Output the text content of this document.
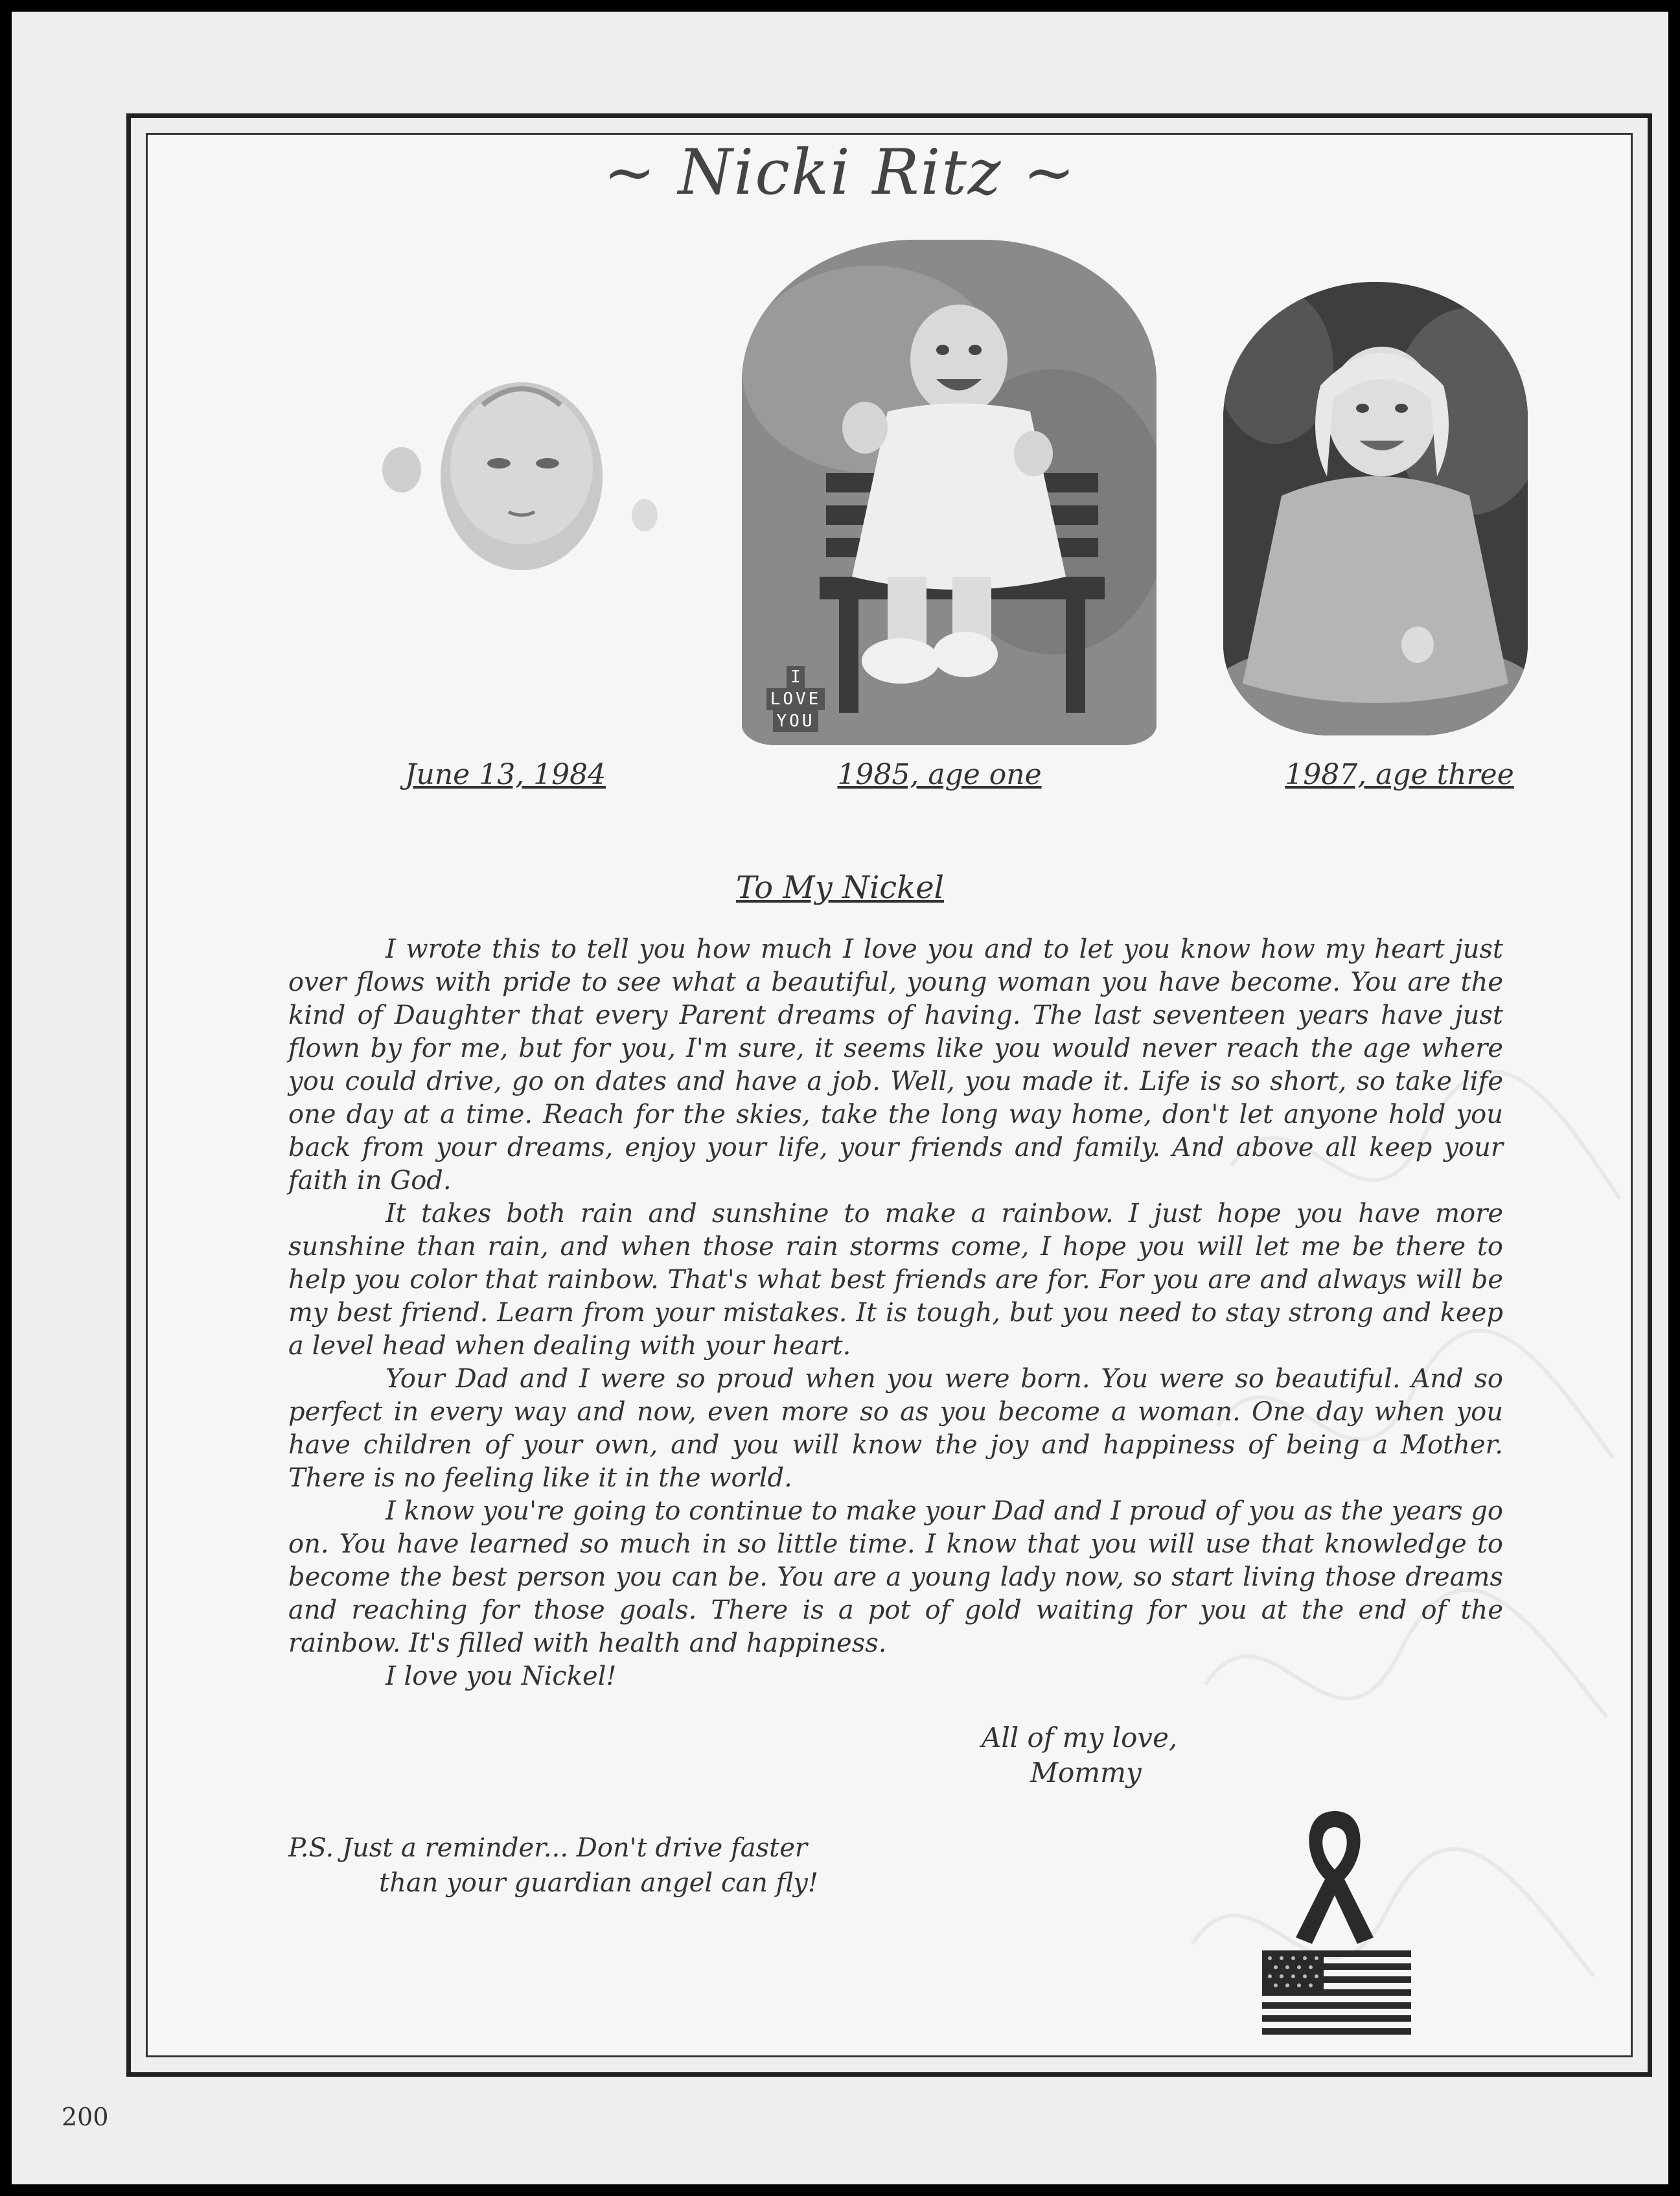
~ Nicki Ritz ~
I
LOVE
YOU
June 13, 1984	1985, age one	1987, age three
To My Nickel

I wrote this to tell you how much I love you and to let you know how my heart just over flows with pride to see what a beautiful, young woman you have become. You are the kind of Daughter that every Parent dreams of having. The last seventeen years have just flown by for me, but for you, I'm sure, it seems like you would never reach the age where you could drive, go on dates and have a job. Well, you made it. Life is so short, so take life one day at a time. Reach for the skies, take the long way home, don't let anyone hold you back from your dreams, enjoy your life, your friends and family. And above all keep your faith in God.

It takes both rain and sunshine to make a rainbow. I just hope you have more sunshine than rain, and when those rain storms come, I hope you will let me be there to help you color that rainbow. That's what best friends are for. For you are and always will be my best friend. Learn from your mistakes. It is tough, but you need to stay strong and keep a level head when dealing with your heart.

Your Dad and I were so proud when you were born. You were so beautiful. And so perfect in every way and now, even more so as you become a woman. One day when you have children of your own, and you will know the joy and happiness of being a Mother. There is no feeling like it in the world.

I know you're going to continue to make your Dad and I proud of you as the years go on. You have learned so much in so little time. I know that you will use that knowledge to become the best person you can be. You are a young lady now, so start living those dreams and reaching for those goals. There is a pot of gold waiting for you at the end of the rainbow. It's filled with health and happiness.

I love you Nickel!

All of my love,
Mommy
P.S. Just a reminder... Don't drive faster
than your guardian angel can fly!
200
